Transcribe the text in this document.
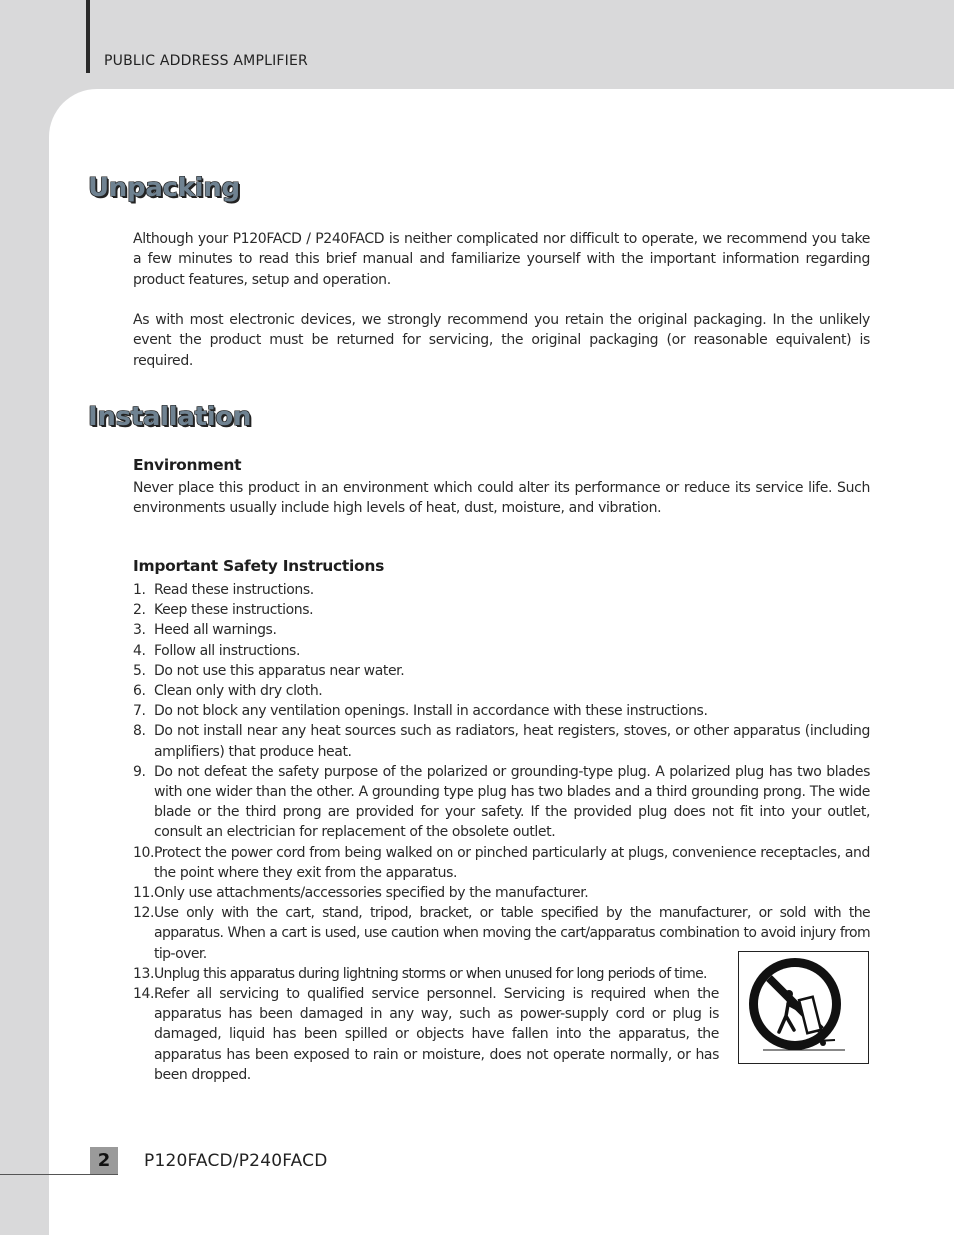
PUBLIC ADDRESS AMPLIFIER
Unpacking

Although your P120FACD / P240FACD is neither complicated nor difficult to operate, we recommend you take a few minutes to read this brief manual and familiarize yourself with the important information regarding product features, setup and operation.

As with most electronic devices, we strongly recommend you retain the original packaging. In the unlikely event the product must be returned for servicing, the original packaging (or reasonable equivalent) is required.

Installation
Environment

Never place this product in an environment which could alter its performance or reduce its service life. Such environments usually include high levels of heat, dust, moisture, and vibration.

Important Safety Instructions
1. Read these instructions.
2. Keep these instructions.
3. Heed all warnings.
4. Follow all instructions.
5. Do not use this apparatus near water.
6. Clean only with dry cloth.
7. Do not block any ventilation openings. Install in accordance with these instructions.
8. Do not install near any heat sources such as radiators, heat registers, stoves, or other apparatus (including amplifiers) that produce heat.
9. Do not defeat the safety purpose of the polarized or grounding-type plug. A polarized plug has two blades with one wider than the other. A grounding type plug has two blades and a third grounding prong. The wide blade or the third prong are provided for your safety. If the provided plug does not fit into your outlet, consult an electrician for replacement of the obsolete outlet.
10. Protect the power cord from being walked on or pinched particularly at plugs, convenience receptacles, and the point where they exit from the apparatus.
11. Only use attachments/accessories specified by the manufacturer.
12. Use only with the cart, stand, tripod, bracket, or table specified by the manufacturer, or sold with the apparatus. When a cart is used, use caution when moving the cart/apparatus combination to avoid injury from tip-over.
13. Unplug this apparatus during lightning storms or when unused for long periods of time.
14. Refer all servicing to qualified service personnel. Servicing is required when the apparatus has been damaged in any way, such as power-supply cord or plug is damaged, liquid has been spilled or objects have fallen into the apparatus, the apparatus has been exposed to rain or moisture, does not operate normally, or has been dropped.
2	P120FACD/P240FACD
